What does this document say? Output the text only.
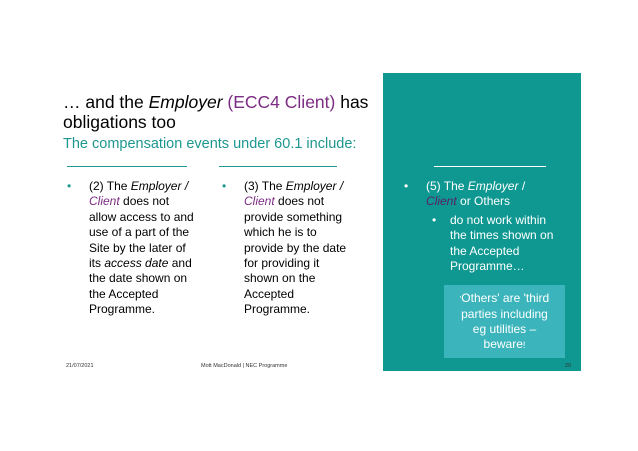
… and the Employer (ECC4 Client) has
obligations too
The compensation events under 60.1 include:
• (2) The Employer /
Client does not
allow access to and
use of a part of the
Site by the later of
its access date and
the date shown on
the Accepted
Programme.
• (3) The Employer /
Client does not
provide something
which he is to
provide by the date
for providing it
shown on the
Accepted
Programme.
• (5) The Employer /
Client or Others
• do not work within
the times shown on
the Accepted
Programme…
'Others' are 'third
parties including
eg utilities –
beware!
21/07/2021	Mott MacDonald | NEC Programme	20
